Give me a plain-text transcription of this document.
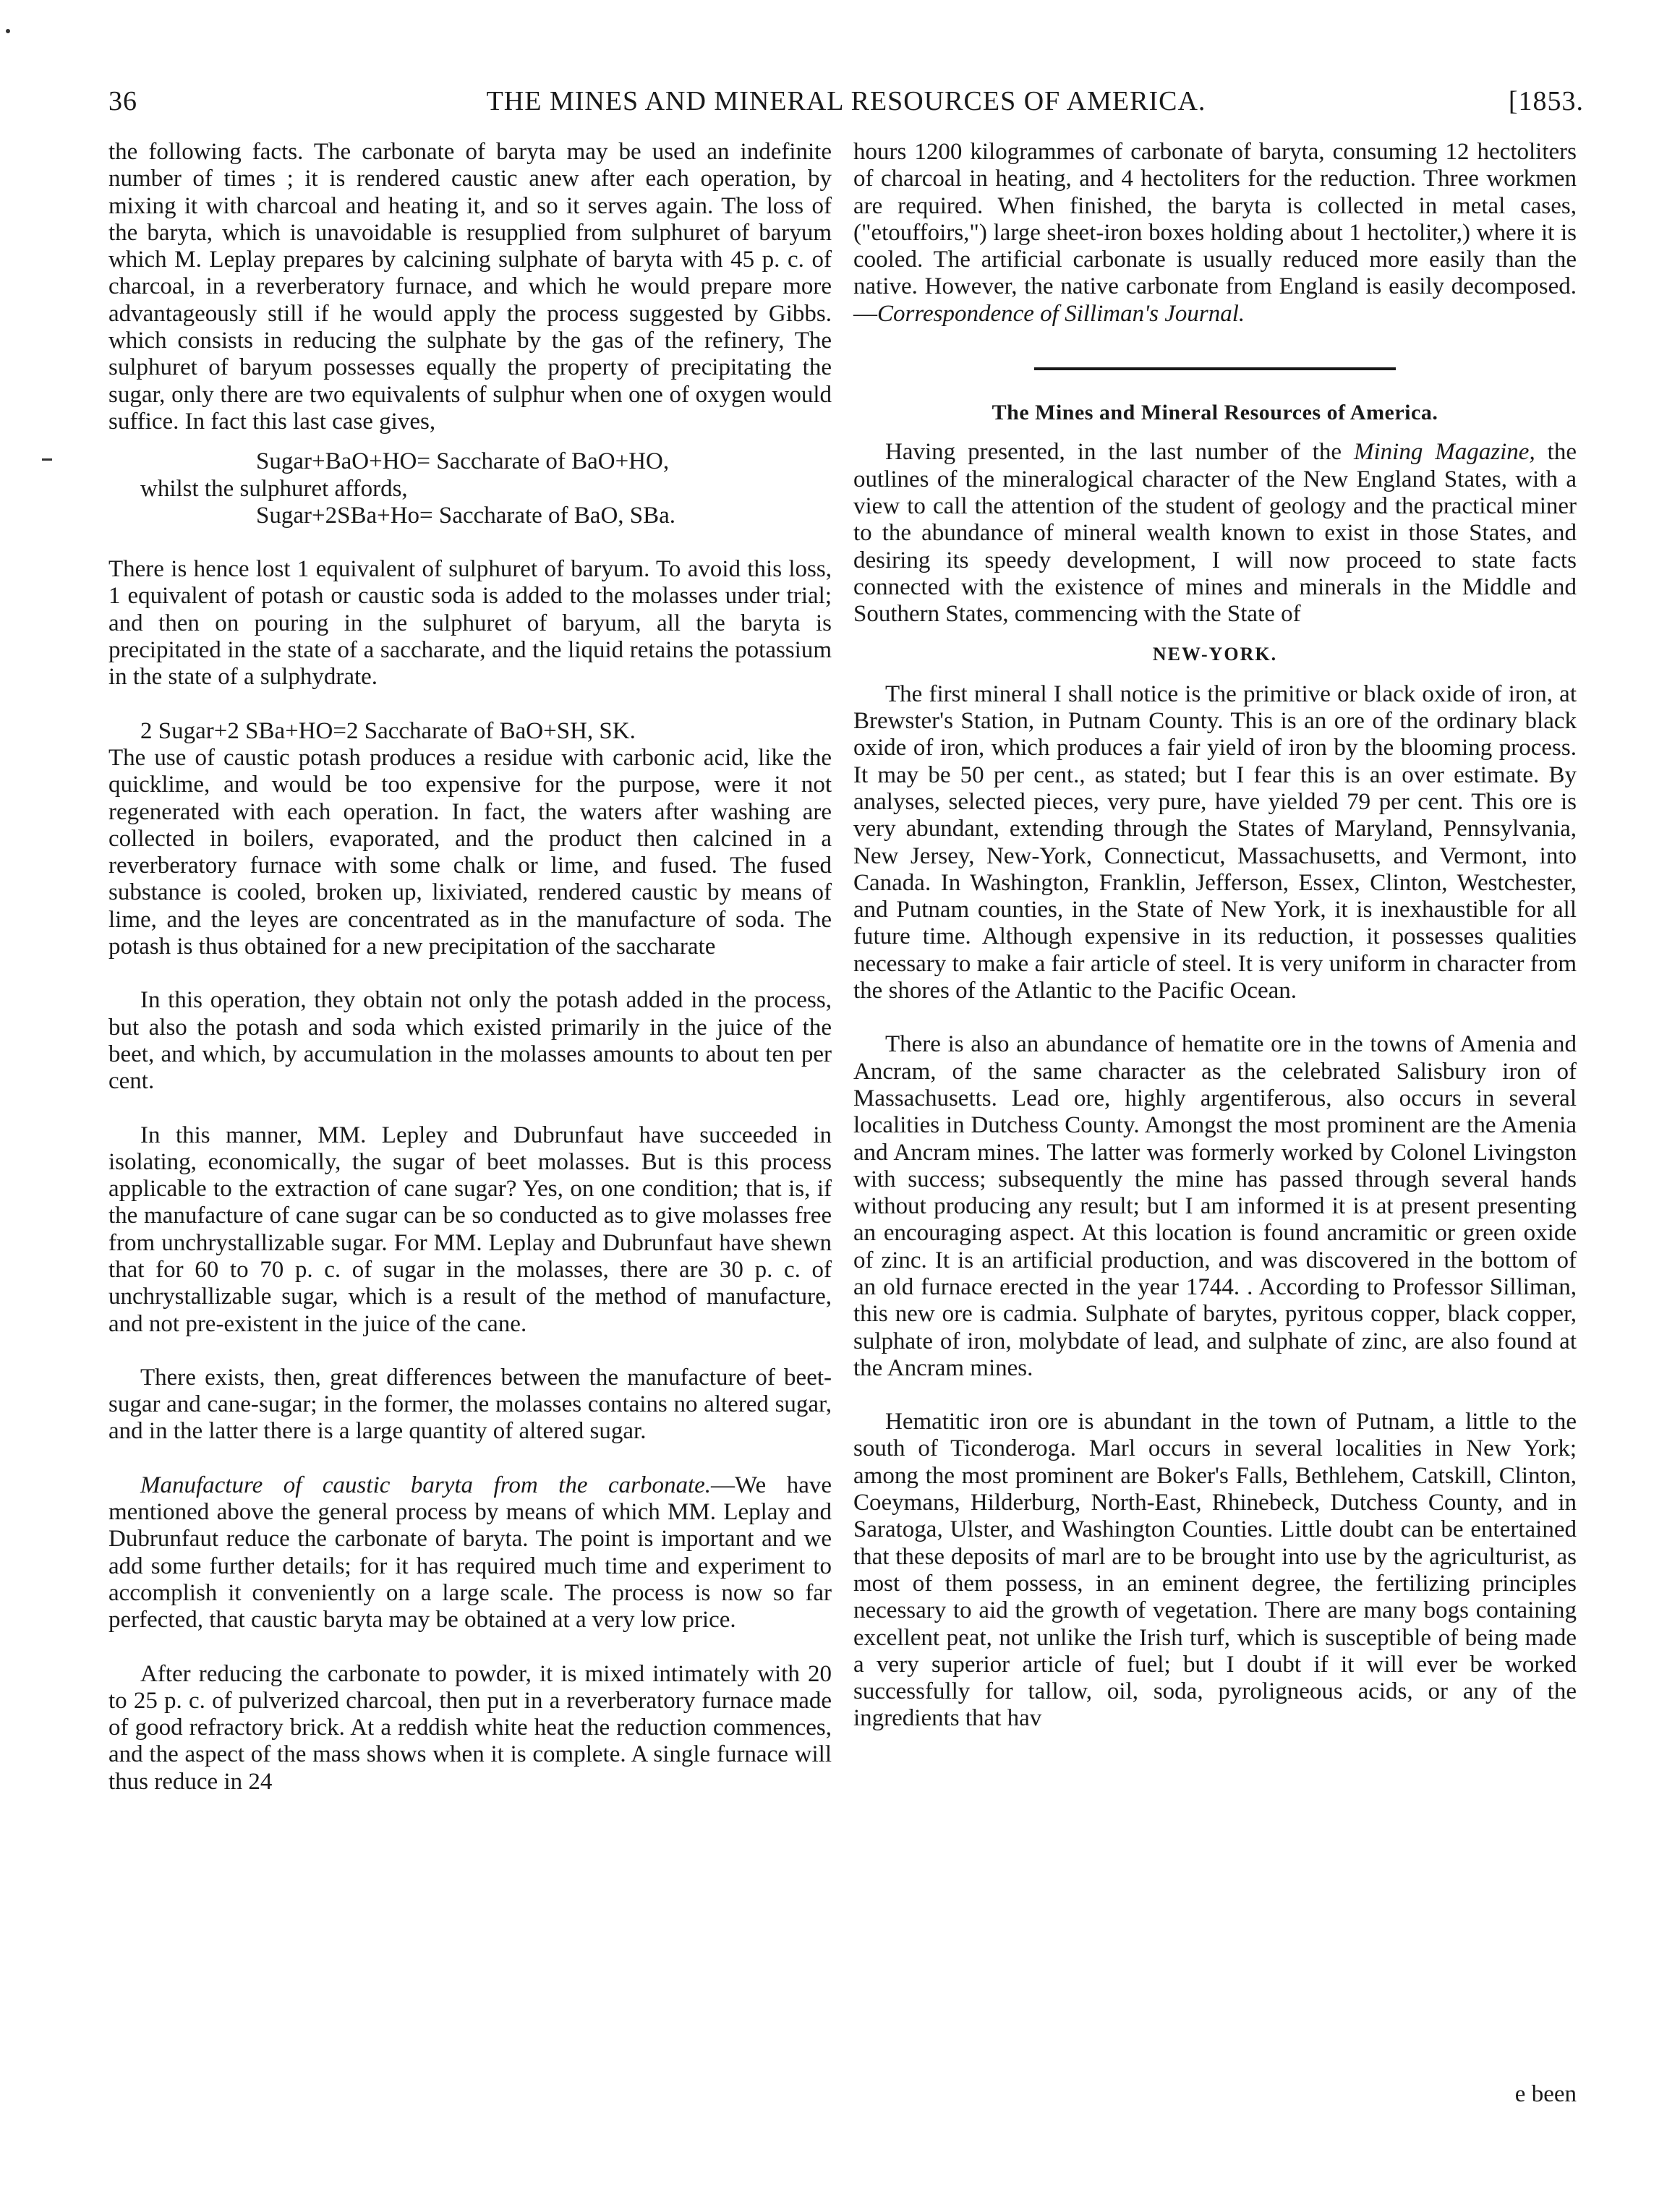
36	THE MINES AND MINERAL RESOURCES OF AMERICA.	[1853.

the following facts. The carbonate of baryta may be used an indefinite number of times ; it is rendered caustic anew after each operation, by mixing it with charcoal and heating it, and so it serves again. The loss of the baryta, which is unavoidable is resupplied from sulphuret of baryum which M. Leplay prepares by calcining sulphate of baryta with 45 p. c. of charcoal, in a reverberatory furnace, and which he would prepare more advantageously still if he would apply the process suggested by Gibbs. which consists in reducing the sulphate by the gas of the refinery, The sulphuret of baryum possesses equally the property of precipitating the sugar, only there are two equivalents of sulphur when one of oxygen would suffice. In fact this last case gives,

Sugar+BaO+HO= Saccharate of BaO+HO,

whilst the sulphuret affords,

Sugar+2SBa+Ho= Saccharate of BaO, SBa.

There is hence lost 1 equivalent of sulphuret of baryum. To avoid this loss, 1 equivalent of potash or caustic soda is added to the molasses under trial; and then on pouring in the sulphuret of baryum, all the baryta is precipitated in the state of a saccharate, and the liquid retains the potassium in the state of a sulphydrate.

2 Sugar+2 SBa+HO=2 Saccharate of BaO+SH, SK.

The use of caustic potash produces a residue with carbonic acid, like the quicklime, and would be too expensive for the purpose, were it not regenerated with each operation. In fact, the waters after washing are collected in boilers, evaporated, and the product then calcined in a reverberatory furnace with some chalk or lime, and fused. The fused substance is cooled, broken up, lixiviated, rendered caustic by means of lime, and the leyes are concentrated as in the manufacture of soda. The potash is thus obtained for a new precipitation of the saccharate

In this operation, they obtain not only the potash added in the process, but also the potash and soda which existed primarily in the juice of the beet, and which, by accumulation in the molasses amounts to about ten per cent.

In this manner, MM. Lepley and Dubrunfaut have succeeded in isolating, economically, the sugar of beet molasses. But is this process applicable to the extraction of cane sugar? Yes, on one condition; that is, if the manufacture of cane sugar can be so conducted as to give molasses free from unchrystallizable sugar. For MM. Leplay and Dubrunfaut have shewn that for 60 to 70 p. c. of sugar in the molasses, there are 30 p. c. of unchrystallizable sugar, which is a result of the method of manufacture, and not pre-existent in the juice of the cane.

There exists, then, great differences between the manufacture of beet-sugar and cane-sugar; in the former, the molasses contains no altered sugar, and in the latter there is a large quantity of altered sugar.

Manufacture of caustic baryta from the carbonate.—We have mentioned above the general process by means of which MM. Leplay and Dubrunfaut reduce the carbonate of baryta. The point is important and we add some further details; for it has required much time and experiment to accomplish it conveniently on a large scale. The process is now so far perfected, that caustic baryta may be obtained at a very low price.

After reducing the carbonate to powder, it is mixed intimately with 20 to 25 p. c. of pulverized charcoal, then put in a reverberatory furnace made of good refractory brick. At a reddish white heat the reduction commences, and the aspect of the mass shows when it is complete. A single furnace will thus reduce in 24

hours 1200 kilogrammes of carbonate of baryta, consuming 12 hectoliters of charcoal in heating, and 4 hectoliters for the reduction. Three workmen are required. When finished, the baryta is collected in metal cases, ("etouffoirs,") large sheet-iron boxes holding about 1 hectoliter,) where it is cooled. The artificial carbonate is usually reduced more easily than the native. However, the native carbonate from England is easily decomposed.—Correspondence of Silliman's Journal.

The Mines and Mineral Resources of America.

Having presented, in the last number of the Mining Magazine, the outlines of the mineralogical character of the New England States, with a view to call the attention of the student of geology and the practical miner to the abundance of mineral wealth known to exist in those States, and desiring its speedy development, I will now proceed to state facts connected with the existence of mines and minerals in the Middle and Southern States, commencing with the State of

NEW-YORK.

The first mineral I shall notice is the primitive or black oxide of iron, at Brewster's Station, in Putnam County. This is an ore of the ordinary black oxide of iron, which produces a fair yield of iron by the blooming process. It may be 50 per cent., as stated; but I fear this is an over estimate. By analyses, selected pieces, very pure, have yielded 79 per cent. This ore is very abundant, extending through the States of Maryland, Pennsylvania, New Jersey, New-York, Connecticut, Massachusetts, and Vermont, into Canada. In Washington, Franklin, Jefferson, Essex, Clinton, Westchester, and Putnam counties, in the State of New York, it is inexhaustible for all future time. Although expensive in its reduction, it possesses qualities necessary to make a fair article of steel. It is very uniform in character from the shores of the Atlantic to the Pacific Ocean.

There is also an abundance of hematite ore in the towns of Amenia and Ancram, of the same character as the celebrated Salisbury iron of Massachusetts. Lead ore, highly argentiferous, also occurs in several localities in Dutchess County. Amongst the most prominent are the Amenia and Ancram mines. The latter was formerly worked by Colonel Livingston with success; subsequently the mine has passed through several hands without producing any result; but I am informed it is at present presenting an encouraging aspect. At this location is found ancramitic or green oxide of zinc. It is an artificial production, and was discovered in the bottom of an old furnace erected in the year 1744. . According to Professor Silliman, this new ore is cadmia. Sulphate of barytes, pyritous copper, black copper, sulphate of iron, molybdate of lead, and sulphate of zinc, are also found at the Ancram mines.

Hematitic iron ore is abundant in the town of Putnam, a little to the south of Ticonderoga. Marl occurs in several localities in New York; among the most prominent are Boker's Falls, Bethlehem, Catskill, Clinton, Coeymans, Hilderburg, North-East, Rhinebeck, Dutchess County, and in Saratoga, Ulster, and Washington Counties. Little doubt can be entertained that these deposits of marl are to be brought into use by the agriculturist, as most of them possess, in an eminent degree, the fertilizing principles necessary to aid the growth of vegetation. There are many bogs containing excellent peat, not unlike the Irish turf, which is susceptible of being made a very superior article of fuel; but I doubt if it will ever be worked successfully for tallow, oil, soda, pyroligneous acids, or any of the ingredients that hav

e been
